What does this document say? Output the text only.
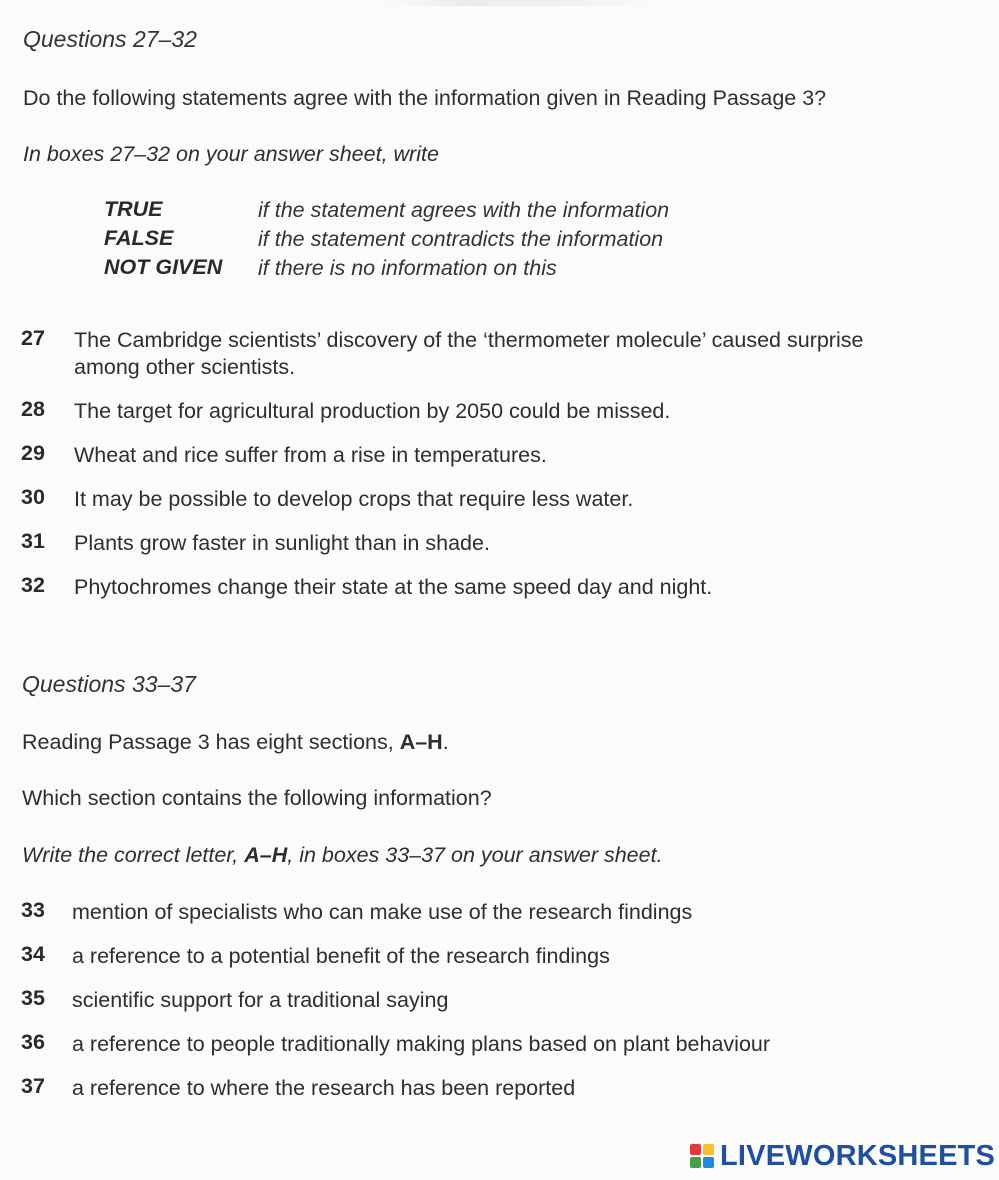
Questions 27–32
Do the following statements agree with the information given in Reading Passage 3?
In boxes 27–32 on your answer sheet, write
TRUE	if the statement agrees with the information
FALSE	if the statement contradicts the information
NOT GIVEN if there is no information on this
27 The Cambridge scientists’ discovery of the ‘thermometer molecule’ caused surprise
among other scientists.
28 The target for agricultural production by 2050 could be missed.
29 Wheat and rice suffer from a rise in temperatures.
30 It may be possible to develop crops that require less water.
31 Plants grow faster in sunlight than in shade.
32 Phytochromes change their state at the same speed day and night.
Questions 33–37
Reading Passage 3 has eight sections, A–H.
Which section contains the following information?
Write the correct letter, A–H, in boxes 33–37 on your answer sheet.
33 mention of specialists who can make use of the research findings
34 a reference to a potential benefit of the research findings
35 scientific support for a traditional saying
36 a reference to people traditionally making plans based on plant behaviour
37 a reference to where the research has been reported
LIVEWORKSHEETS
